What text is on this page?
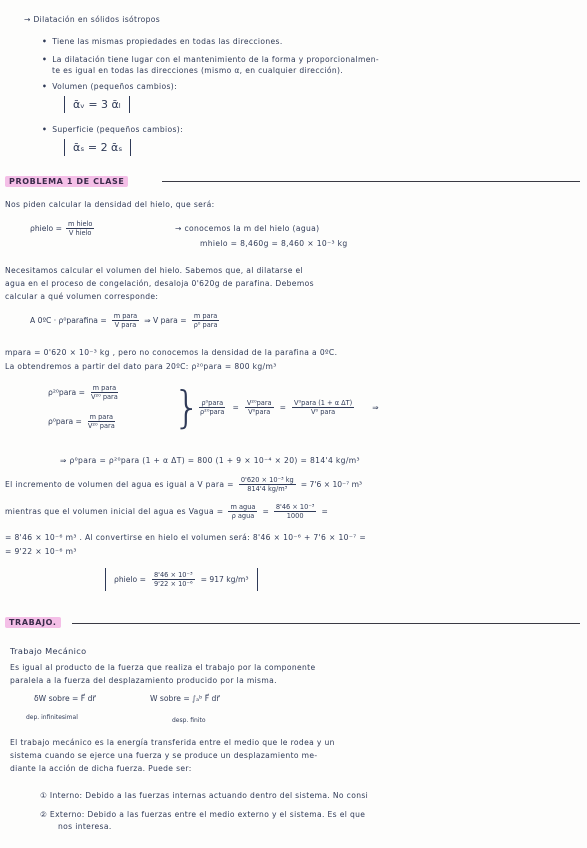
→ Dilatación en sólidos isótropos
• Tiene las mismas propiedades en todas las direcciones.
• La dilatación tiene lugar con el mantenimiento de la forma y proporcionalmen-
te es igual en todas las direcciones (mismo α, en cualquier dirección).
• Volumen (pequeños cambios):
ᾱᵥ = 3 ᾱₗ
• Superficie (pequeños cambios):
ᾱₛ = 2 ᾱₛ
PROBLEMA 1 DE CLASE
Nos piden calcular la densidad del hielo, que será:
ρhielo = $\frac{\text{m hielo}}{\text{V hielo}}$	→ conocemos la m del hielo (agua)
mhielo = 8,460g = 8,460 × 10⁻³ kg
Necesitamos calcular el volumen del hielo. Sabemos que, al dilatarse el
agua en el proceso de congelación, desaloja 0'620g de parafina. Debemos
calcular a qué volumen corresponde:
A 0ºC · ρ⁰parafina = $\frac{\text{m para}}{\text{V para}}$ ⇒ V para = $\frac{\text{m para}}{\text{ρ⁰ para}}$
mpara = 0'620 × 10⁻³ kg , pero no conocemos la densidad de la parafina a 0ºC.
La obtendremos a partir del dato para 20ºC: ρ²⁰para = 800 kg/m³
ρ²⁰para = $\frac{\text{m para}}{\text{V²⁰ para}}$
ρ⁰para = $\frac{\text{m para}}{\text{V²⁰ para}}$ }
$\frac{\text{ρ⁰para}}{\text{ρ²⁰para}} = \frac{\text{V²⁰para}}{\text{V⁰para}} = \frac{\text{V⁰para (1 + α ΔT)}}{\text{V⁰ para}}$ ⇒
⇒ ρ⁰para = ρ²⁰para (1 + α ΔT) = 800 (1 + 9 × 10⁻⁴ × 20) = 814'4 kg/m³
El incremento de volumen del agua es igual a V para = $\frac{\text{0'620 × 10⁻³ kg}}{\text{814'4 kg/m³}} = 7'6 \times 10^{-7}$ m³
mientras que el volumen inicial del agua es Vagua = $\frac{\text{m agua}}{\text{ρ agua}} = \frac{\text{8'46 × 10⁻³}}{1000}$ =
= 8'46 × 10⁻⁶ m³ . Al convertirse en hielo el volumen será: 8'46 × 10⁻⁶ + 7'6 × 10⁻⁷ =
= 9'22 × 10⁻⁶ m³
ρhielo = $\frac{\text{8'46 × 10⁻³}}{\text{9'22 × 10⁻⁶}} = 917$ kg/m³
TRABAJO.
Trabajo Mecánico
Es igual al producto de la fuerza que realiza el trabajo por la componente
paralela a la fuerza del desplazamiento producido por la misma.
δW sobre = F⃗ dr⃗
dep. infinitesimal
W sobre = ∫ₐᵇ F⃗ dr⃗
desp. finito
El trabajo mecánico es la energía transferida entre el medio que le rodea y un
sistema cuando se ejerce una fuerza y se produce un desplazamiento me-
diante la acción de dicha fuerza. Puede ser:
① Interno: Debido a las fuerzas internas actuando dentro del sistema. No consi
② Externo: Debido a las fuerzas entre el medio externo y el sistema. Es el que
nos interesa.
